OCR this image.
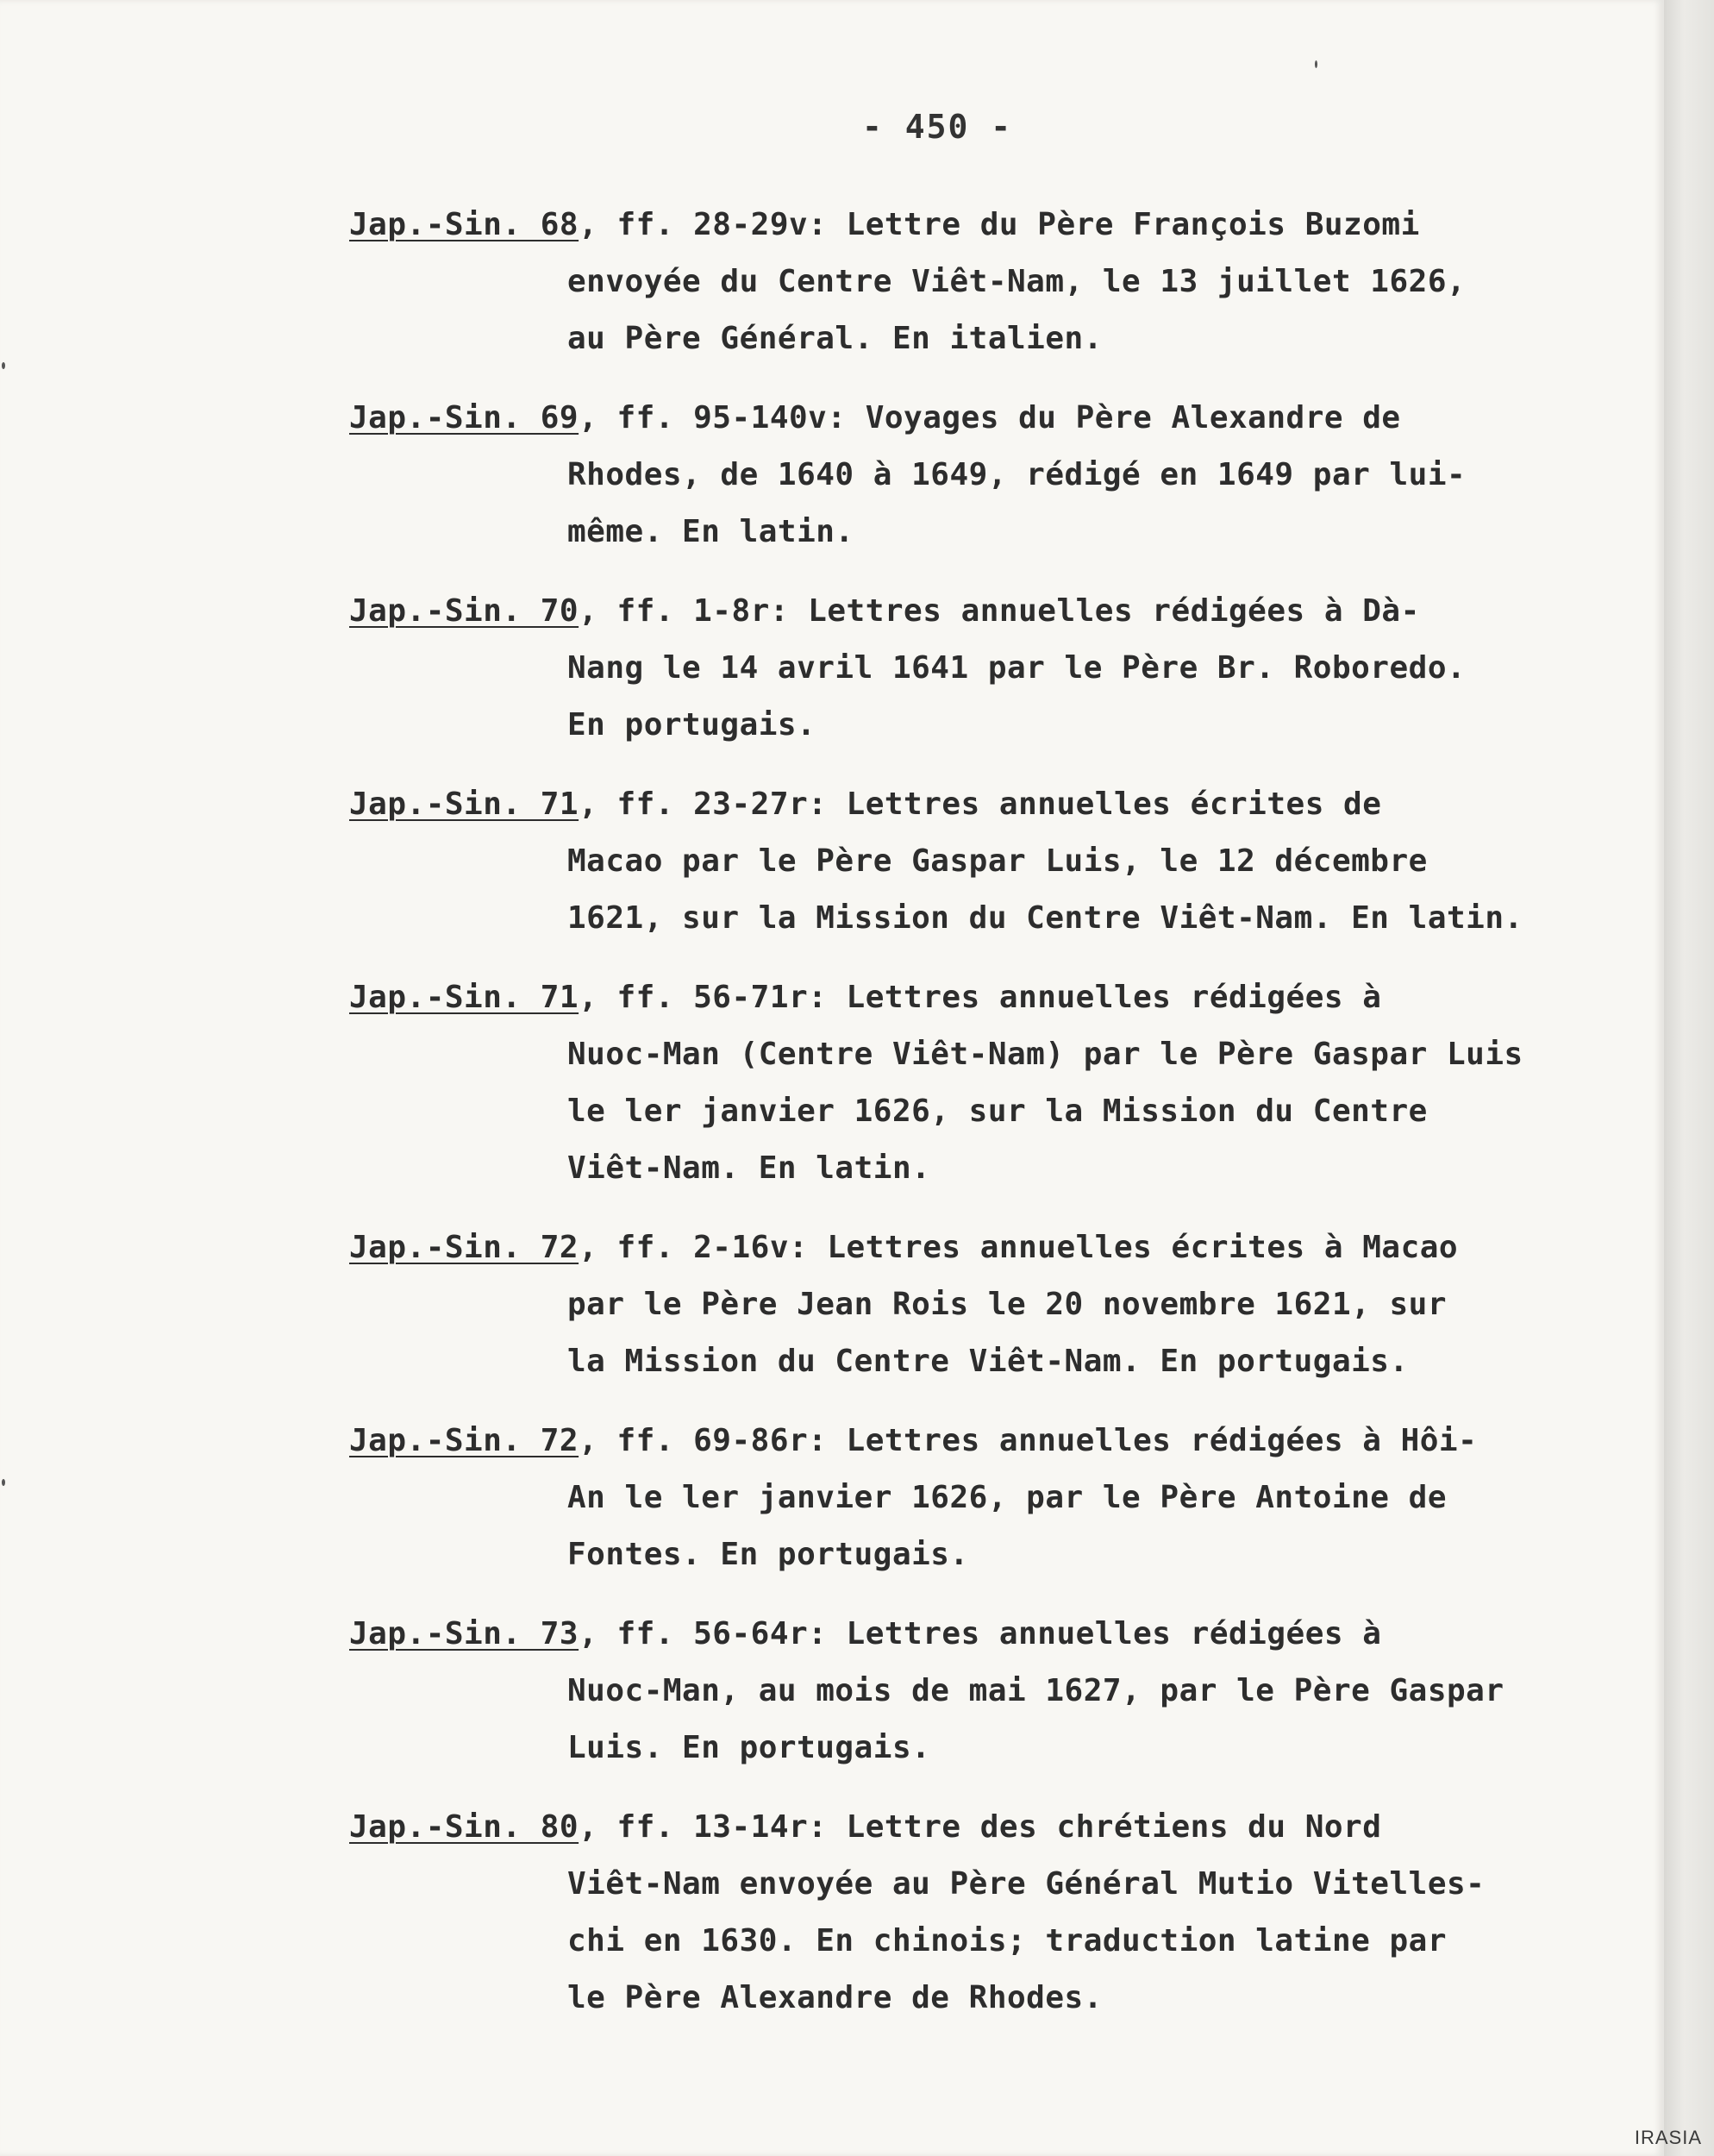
- 450 -
Jap.-Sin. 68, ff. 28-29v: Lettre du Père François Buzomi
envoyée du Centre Viêt-Nam, le 13 juillet 1626,
au Père Général. En italien.
Jap.-Sin. 69, ff. 95-140v: Voyages du Père Alexandre de
Rhodes, de 1640 à 1649, rédigé en 1649 par lui-
même. En latin.
Jap.-Sin. 70, ff. 1-8r: Lettres annuelles rédigées à Dà-
Nang le 14 avril 1641 par le Père Br. Roboredo.
En portugais.
Jap.-Sin. 71, ff. 23-27r: Lettres annuelles écrites de
Macao par le Père Gaspar Luis, le 12 décembre
1621, sur la Mission du Centre Viêt-Nam. En latin.
Jap.-Sin. 71, ff. 56-71r: Lettres annuelles rédigées à
Nuoc-Man (Centre Viêt-Nam) par le Père Gaspar Luis
le ler janvier 1626, sur la Mission du Centre
Viêt-Nam. En latin.
Jap.-Sin. 72, ff. 2-16v: Lettres annuelles écrites à Macao
par le Père Jean Rois le 20 novembre 1621, sur
la Mission du Centre Viêt-Nam. En portugais.
Jap.-Sin. 72, ff. 69-86r: Lettres annuelles rédigées à Hôi-
An le ler janvier 1626, par le Père Antoine de
Fontes. En portugais.
Jap.-Sin. 73, ff. 56-64r: Lettres annuelles rédigées à
Nuoc-Man, au mois de mai 1627, par le Père Gaspar
Luis. En portugais.
Jap.-Sin. 80, ff. 13-14r: Lettre des chrétiens du Nord
Viêt-Nam envoyée au Père Général Mutio Vitelles-
chi en 1630. En chinois; traduction latine par
le Père Alexandre de Rhodes.
IRASIA
